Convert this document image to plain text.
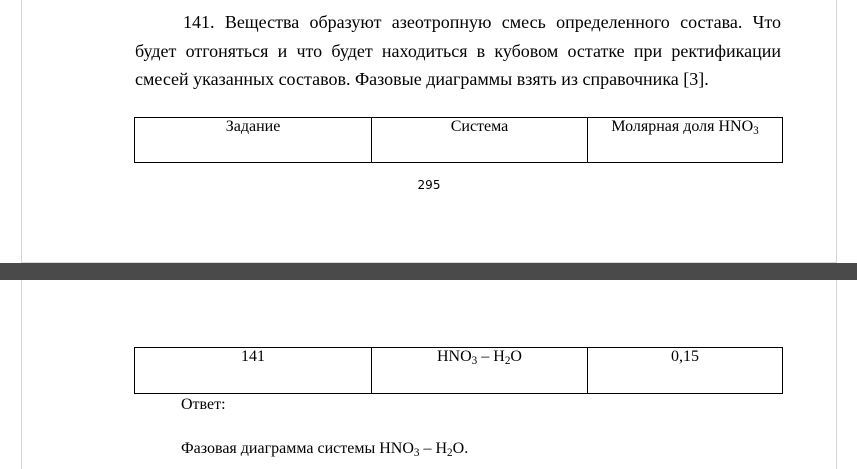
141. Вещества образуют азеотропную смесь определенного состава. Что
будет отгоняться и что будет находиться в кубовом остатке при ректификации
смесей указанных составов. Фазовые диаграммы взять из справочника [3].
Задание	Система	Молярная доля $HNO_3$
295
141	$HNO_3 - H_2O$	0,15
Ответ:
Фазовая диаграмма системы $HNO_3 - H_2O$.
